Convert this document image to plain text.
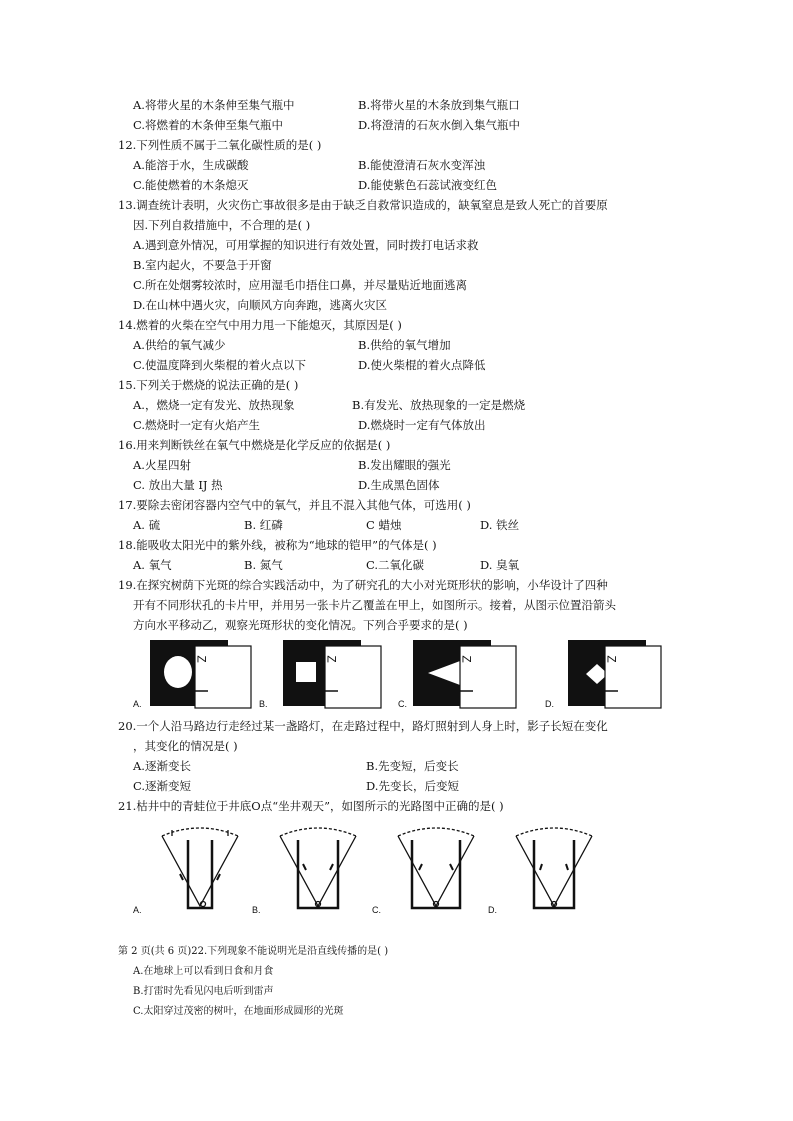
A.将带火星的木条伸至集气瓶中	B.将带火星的木条放到集气瓶口
C.将燃着的木条伸至集气瓶中	D.将澄清的石灰水倒入集气瓶中
12.下列性质不属于二氧化碳性质的是( )
A.能溶于水，生成碳酸	B.能使澄清石灰水变浑浊
C.能使燃着的木条熄灭	D.能使紫色石蕊试液变红色
13.调查统计表明，火灾伤亡事故很多是由于缺乏自救常识造成的，缺氧窒息是致人死亡的首要原
因.下列自救措施中，不合理的是( )
A.遇到意外情况，可用掌握的知识进行有效处置，同时拨打电话求救
B.室内起火，不要急于开窗
C.所在处烟雾较浓时，应用湿毛巾捂住口鼻，并尽量贴近地面逃离
D.在山林中遇火灾，向顺风方向奔跑，逃离火灾区
14.燃着的火柴在空气中用力甩一下能熄灭，其原因是( )
A.供给的氧气减少	B.供给的氧气增加
C.使温度降到火柴棍的着火点以下	D.使火柴棍的着火点降低
15.下列关于燃烧的说法正确的是( )
A.，燃烧一定有发光、放热现象	B.有发光、放热现象的一定是燃烧
C.燃烧时一定有火焰产生	D.燃烧时一定有气体放出
16.用来判断铁丝在氧气中燃烧是化学反应的依据是( )
A.火星四射	B.发出耀眼的强光
C. 放出大量 IJ 热	D.生成黑色固体
17.要除去密闭容器内空气中的氧气，并且不混入其他气体，可选用( )
A. 硫	B. 红磷	C 蜡烛	D. 铁丝
18.能吸收太阳光中的紫外线，被称为“地球的铠甲”的气体是( )
A. 氧气	B. 氮气	C.二氧化碳	D. 臭氧
19.在探究树荫下光斑的综合实践活动中，为了研究孔的大小对光斑形状的影响，小华设计了四种
开有不同形状孔的卡片甲，并用另一张卡片乙覆盖在甲上，如图所示。接着，从图示位置沿箭头
方向水平移动乙，观察光斑形状的变化情况。下列合乎要求的是( )
Z	Z	Z	Z
A.	B.	C.	D.
20.一个人沿马路边行走经过某一盏路灯，在走路过程中，路灯照射到人身上时，影子长短在变化
，其变化的情况是( )
A.逐渐变长	B.先变短，后变长
C.逐渐变短	D.先变长，后变短
21.枯井中的青蛙位于井底O点“坐井观天”，如图所示的光路图中正确的是( )
A.	B.	C.	D.
第 2 页(共 6 页)22.下列现象不能说明光是沿直线传播的是( )
A.在地球上可以看到日食和月食
B.打雷时先看见闪电后听到雷声
C.太阳穿过茂密的树叶，在地面形成圆形的光斑
